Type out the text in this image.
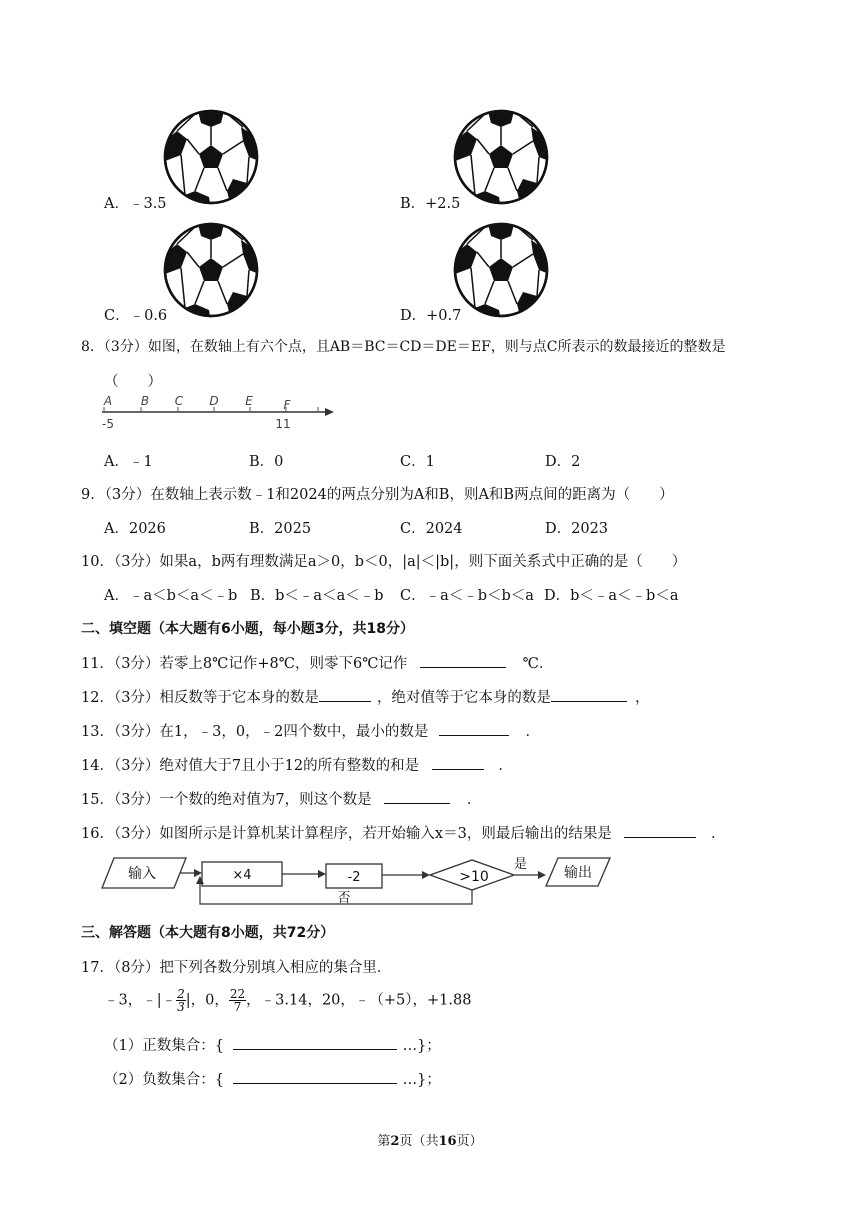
A．﹣3.5	B．+2.5
C．﹣0.6	D．+0.7
8．（3分）如图，在数轴上有六个点，且AB＝BC＝CD＝DE＝EF，则与点C所表示的数最接近的整数是
（　　）
A B C D E	F
-5	11
A．﹣1	B．0	C．1	D．2
9．（3分）在数轴上表示数﹣1和2024的两点分别为A和B，则A和B两点间的距离为（　　）
A．2026	B．2025	C．2024	D．2023
10．（3分）如果a，b两有理数满足a＞0，b＜0，|a|＜|b|，则下面关系式中正确的是（　　）
A．﹣a＜b＜a＜﹣b B．b＜﹣a＜a＜﹣b C．﹣a＜﹣b＜b＜a D．b＜﹣a＜﹣b＜a
二、填空题（本大题有6小题，每小题3分，共18分）
11．（3分）若零上8℃记作+8℃，则零下6℃记作	℃．
12．（3分）相反数等于它本身的数是	，绝对值等于它本身的数是	，
13．（3分）在1，﹣3，0，﹣2四个数中，最小的数是	．
14．（3分）绝对值大于7且小于12的所有整数的和是	．
15．（3分）一个数的绝对值为7，则这个数是	．
16．（3分）如图所示是计算机某计算程序，若开始输入x＝3，则最后输出的结果是	．
输入	×4	-2	>10
是
输出
否
三、解答题（本大题有8小题，共72分）
17．（8分）把下列各数分别填入相应的集合里．
﹣3，﹣|﹣ $\frac{2}{3}$ |，0， $\frac{22}{7}$ ，﹣3.14，20，﹣（+5），+1.88
（1）正数集合：{	…}；
（2）负数集合：{	…}；
第2页（共16页）
